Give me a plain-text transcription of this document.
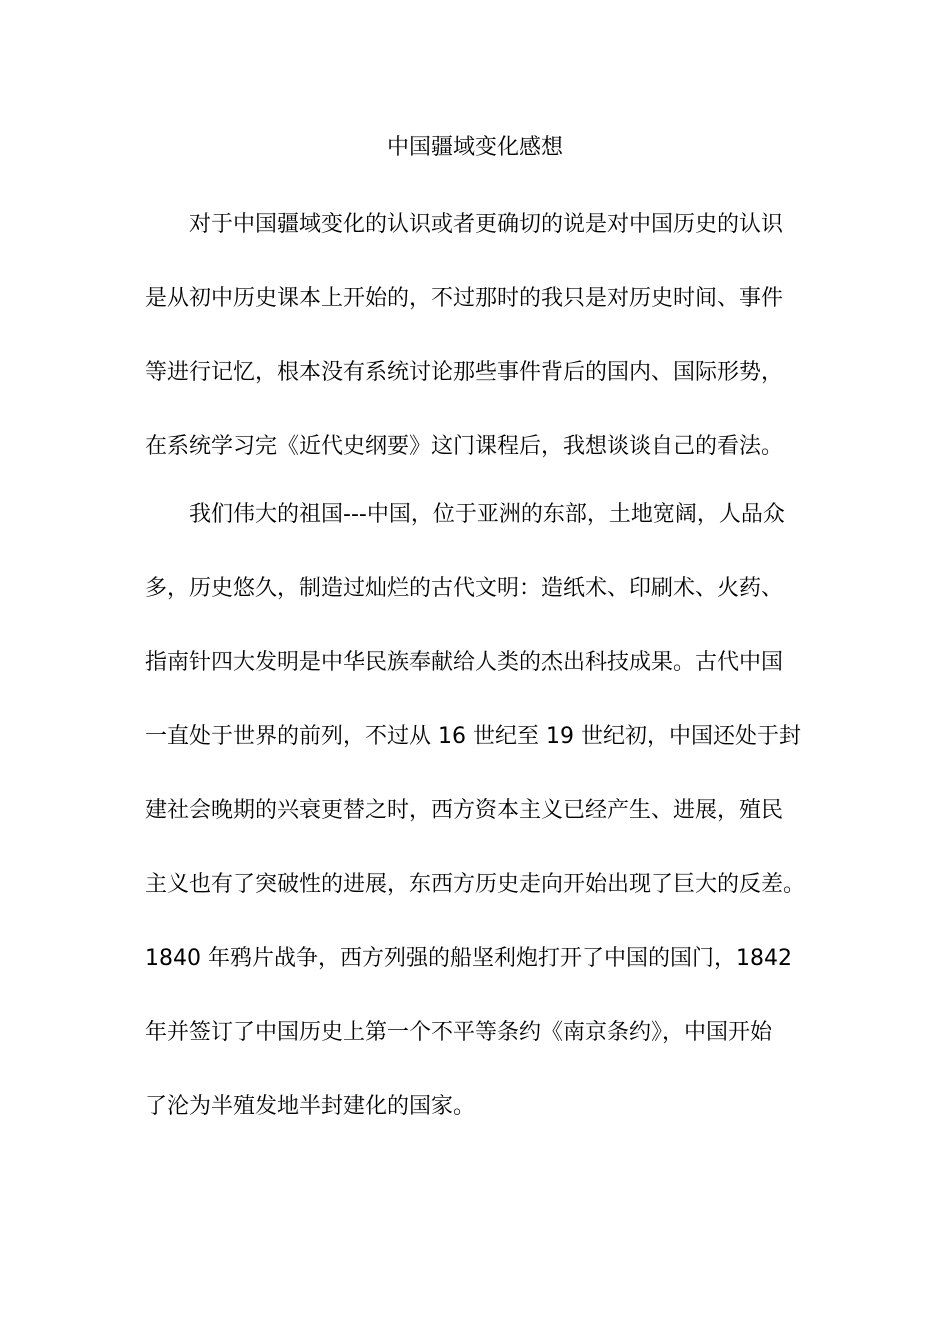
中国疆域变化感想
对于中国疆域变化的认识或者更确切的说是对中国历史的认识
是从初中历史课本上开始的，不过那时的我只是对历史时间、事件
等进行记忆，根本没有系统讨论那些事件背后的国内、国际形势，
在系统学习完《近代史纲要》这门课程后，我想谈谈自己的看法。
我们伟大的祖国---中国，位于亚洲的东部，土地宽阔，人品众
多，历史悠久，制造过灿烂的古代文明：造纸术、印刷术、火药、
指南针四大发明是中华民族奉献给人类的杰出科技成果。古代中国
一直处于世界的前列，不过从 16 世纪至 19 世纪初，中国还处于封
建社会晚期的兴衰更替之时，西方资本主义已经产生、进展，殖民
主义也有了突破性的进展，东西方历史走向开始出现了巨大的反差。
1840 年鸦片战争，西方列强的船坚利炮打开了中国的国门，1842
年并签订了中国历史上第一个不平等条约《南京条约》，中国开始
了沦为半殖发地半封建化的国家。
